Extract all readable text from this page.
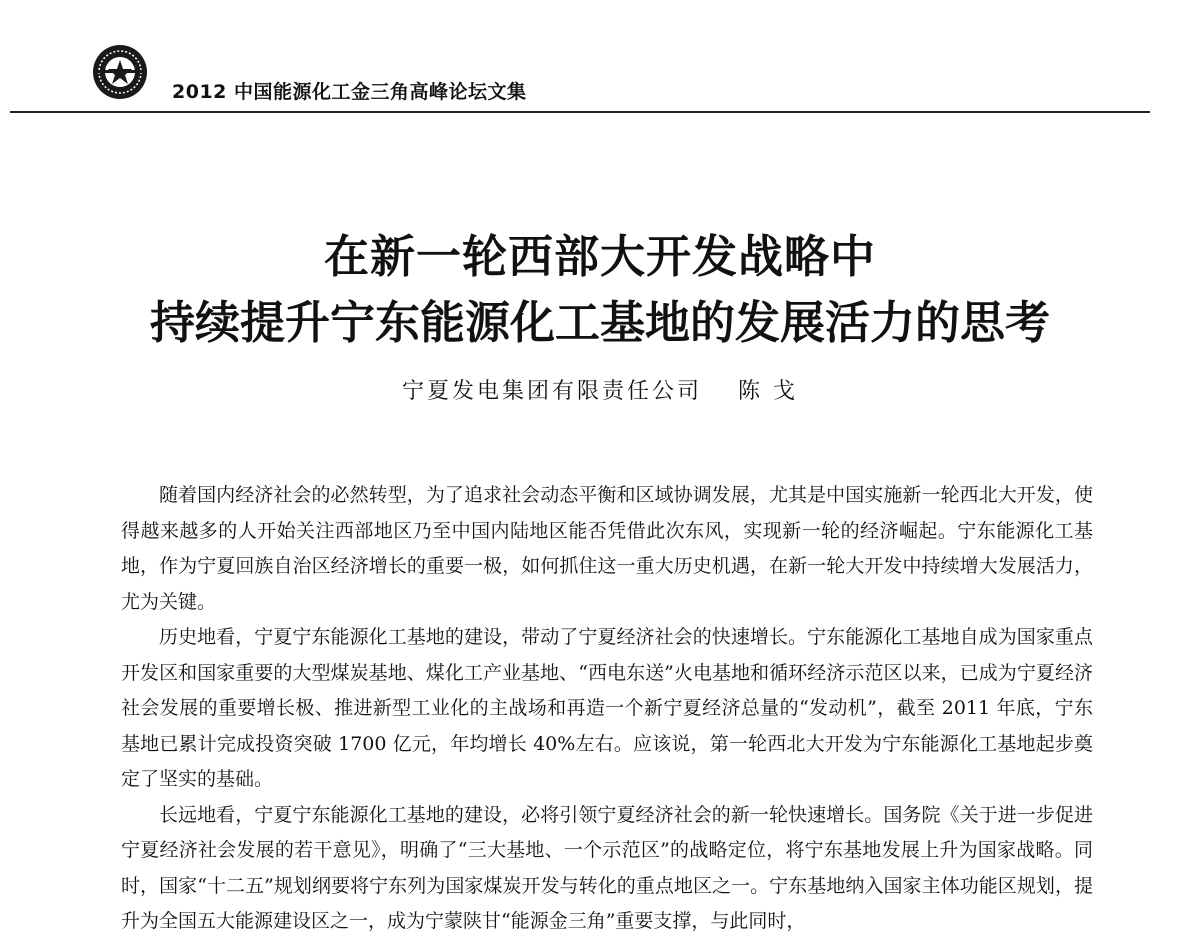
2012 中国能源化工金三角高峰论坛文集
在新一轮西部大开发战略中
持续提升宁东能源化工基地的发展活力的思考
宁夏发电集团有限责任公司 陈 戈

随着国内经济社会的必然转型，为了追求社会动态平衡和区域协调发展，尤其是中国实施新一轮西北大开发，使得越来越多的人开始关注西部地区乃至中国内陆地区能否凭借此次东风，实现新一轮的经济崛起。宁东能源化工基地，作为宁夏回族自治区经济增长的重要一极，如何抓住这一重大历史机遇，在新一轮大开发中持续增大发展活力，尤为关键。

历史地看，宁夏宁东能源化工基地的建设，带动了宁夏经济社会的快速增长。宁东能源化工基地自成为国家重点开发区和国家重要的大型煤炭基地、煤化工产业基地、“西电东送”火电基地和循环经济示范区以来，已成为宁夏经济社会发展的重要增长极、推进新型工业化的主战场和再造一个新宁夏经济总量的“发动机”，截至 2011 年底，宁东基地已累计完成投资突破 1700 亿元，年均增长 40%左右。应该说，第一轮西北大开发为宁东能源化工基地起步奠定了坚实的基础。

长远地看，宁夏宁东能源化工基地的建设，必将引领宁夏经济社会的新一轮快速增长。国务院《关于进一步促进宁夏经济社会发展的若干意见》，明确了“三大基地、一个示范区”的战略定位，将宁东基地发展上升为国家战略。同时，国家“十二五”规划纲要将宁东列为国家煤炭开发与转化的重点地区之一。宁东基地纳入国家主体功能区规划，提升为全国五大能源建设区之一，成为宁蒙陕甘“能源金三角”重要支撑，与此同时，
